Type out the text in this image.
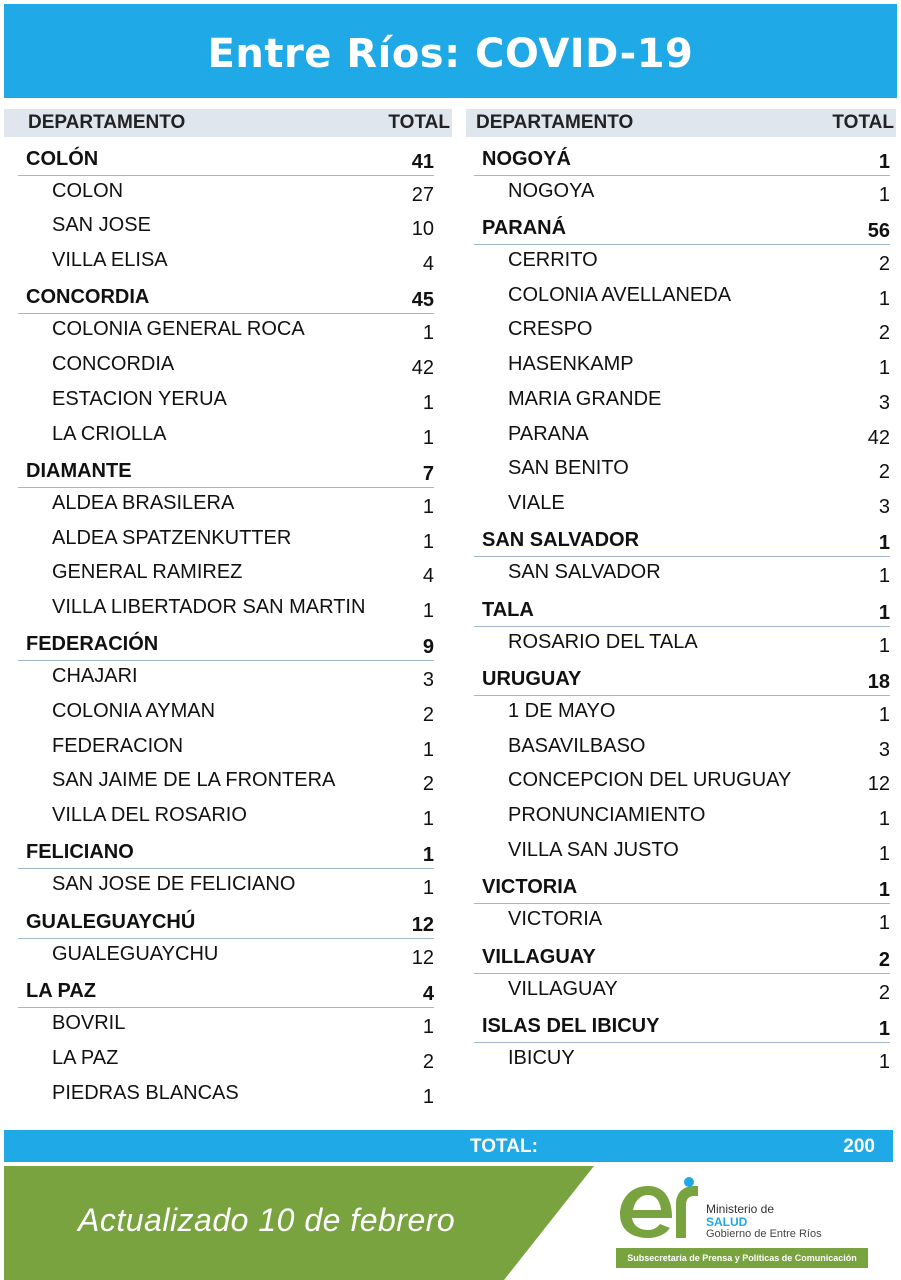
Entre Ríos: COVID-19
DEPARTAMENTO	TOTAL DEPARTAMENTO	TOTAL
COLÓN	41
COLON	27
SAN JOSE	10
VILLA ELISA	4
CONCORDIA	45
COLONIA GENERAL ROCA	1
CONCORDIA	42
ESTACION YERUA	1
LA CRIOLLA	1
DIAMANTE	7
ALDEA BRASILERA	1
ALDEA SPATZENKUTTER	1
GENERAL RAMIREZ	4
VILLA LIBERTADOR SAN MARTIN	1
FEDERACIÓN	9
CHAJARI	3
COLONIA AYMAN	2
FEDERACION	1
SAN JAIME DE LA FRONTERA	2
VILLA DEL ROSARIO	1
FELICIANO	1
SAN JOSE DE FELICIANO	1
GUALEGUAYCHÚ	12
GUALEGUAYCHU	12
LA PAZ	4
BOVRIL	1
LA PAZ	2
PIEDRAS BLANCAS	1
NOGOYÁ	1
NOGOYA	1
PARANÁ	56
CERRITO	2
COLONIA AVELLANEDA	1
CRESPO	2
HASENKAMP	1
MARIA GRANDE	3
PARANA	42
SAN BENITO	2
VIALE	3
SAN SALVADOR	1
SAN SALVADOR	1
TALA	1
ROSARIO DEL TALA	1
URUGUAY	18
1 DE MAYO	1
BASAVILBASO	3
CONCEPCION DEL URUGUAY	12
PRONUNCIAMIENTO	1
VILLA SAN JUSTO	1
VICTORIA	1
VICTORIA	1
VILLAGUAY	2
VILLAGUAY	2
ISLAS DEL IBICUY	1
IBICUY	1
TOTAL:	200
Actualizado 10 de febrero	Ministerio de
SALUD
Gobierno de Entre Ríos
Subsecretaría de Prensa y Políticas de Comunicación
